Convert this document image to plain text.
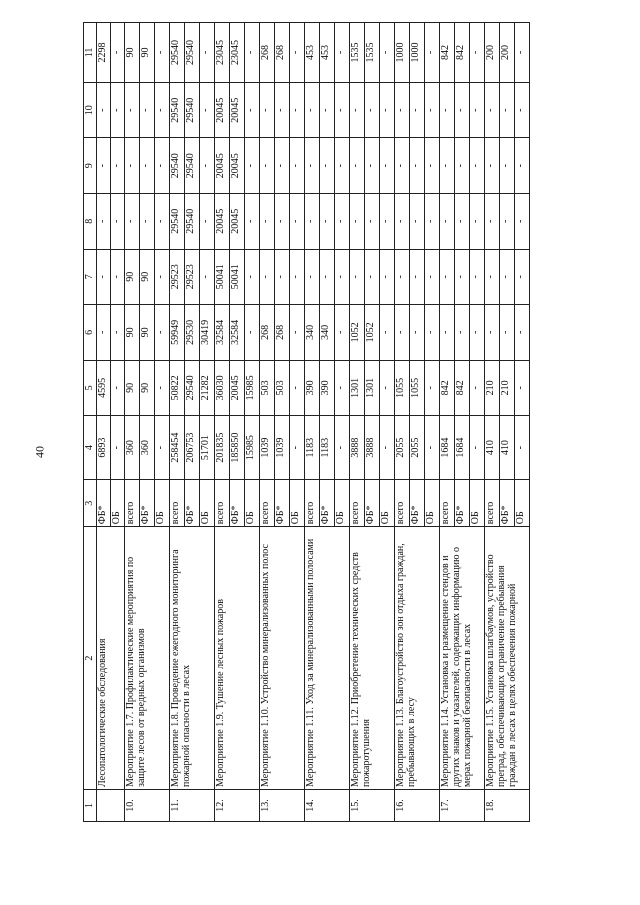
40
1	2	3	4	5	6	7	8	9	10	11
	Лесопатологические обследования	ФБ*	6893	4595	-	-	-	-	-	2298
		ОБ	-	-	-	-	-	-	-	-
10.	Мероприятие 1.7. Профилактические мероприятия по защите лесов от вредных организмов	всего	360	90	90	90	-	-	-	90
		ФБ*	360	90	90	90	-	-	-	90
		ОБ	-	-	-	-	-	-	-	-
11.	Мероприятие 1.8. Проведение ежегодного мониторинга пожарной опасности в лесах	всего	258454	50822	59949	29523	29540	29540	29540	29540
		ФБ*	206753	29540	29530	29523	29540	29540	29540	29540
		ОБ	51701	21282	30419	-	-	-	-	-
12.	Мероприятие 1.9. Тушение лесных пожаров	всего	201835	36030	32584	50041	20045	20045	20045	23045
		ФБ*	185850	20045	32584	50041	20045	20045	20045	23045
		ОБ	15985	15985	-	-	-	-	-	-
13.	Мероприятие 1.10. Устройство минерализованных полос	всего	1039	503	268	-	-	-	-	268
		ФБ*	1039	503	268	-	-	-	-	268
		ОБ	-	-	-	-	-	-	-	-
14.	Мероприятие 1.11. Уход за минерализованными полосами	всего	1183	390	340	-	-	-	-	453
		ФБ*	1183	390	340	-	-	-	-	453
		ОБ	-	-	-	-	-	-	-	-
15.	Мероприятие 1.12. Приобретение технических средств пожаротушения	всего	3888	1301	1052	-	-	-	-	1535
		ФБ*	3888	1301	1052	-	-	-	-	1535
		ОБ	-	-	-	-	-	-	-	-
16.	Мероприятие 1.13. Благоустройство зон отдыха граждан, пребывающих в лесу	всего	2055	1055	-	-	-	-	-	1000
		ФБ*	2055	1055	-	-	-	-	-	1000
		ОБ	-	-	-	-	-	-	-	-
17.	Мероприятие 1.14. Установка и размещение стендов и других знаков и указателей, содержащих информацию о мерах пожарной безопасности в лесах	всего	1684	842	-	-	-	-	-	842
		ФБ*	1684	842	-	-	-	-	-	842
		ОБ	-	-	-	-	-	-	-	-
18.	Мероприятие 1.15. Установка шлагбаумов, устройство преград, обеспечивающих ограничение пребывания граждан в лесах в целях обеспечения пожарной	всего	410	210	-	-	-	-	-	200
		ФБ*	410	210	-	-	-	-	-	200
		ОБ	-	-	-	-	-	-	-	-
